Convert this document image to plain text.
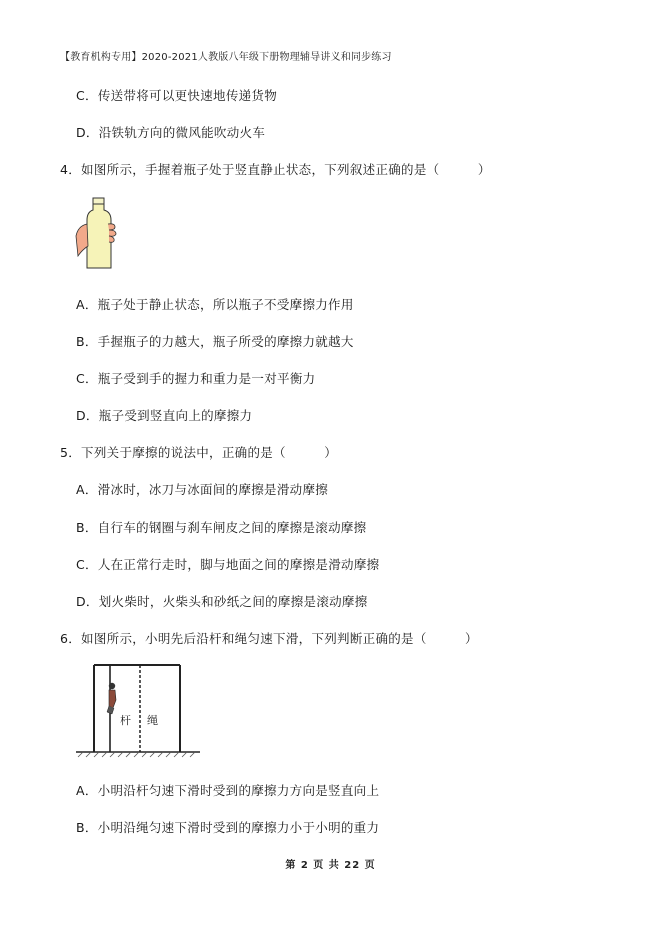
【教育机构专用】2020-2021人教版八年级下册物理辅导讲义和同步练习
C．传送带将可以更快速地传递货物
D．沿铁轨方向的微风能吹动火车
4．如图所示，手握着瓶子处于竖直静止状态，下列叙述正确的是（　　　）
A．瓶子处于静止状态，所以瓶子不受摩擦力作用
B．手握瓶子的力越大，瓶子所受的摩擦力就越大
C．瓶子受到手的握力和重力是一对平衡力
D．瓶子受到竖直向上的摩擦力
5．下列关于摩擦的说法中，正确的是（　　　）
A．滑冰时，冰刀与冰面间的摩擦是滑动摩擦
B．自行车的钢圈与刹车闸皮之间的摩擦是滚动摩擦
C．人在正常行走时，脚与地面之间的摩擦是滑动摩擦
D．划火柴时，火柴头和砂纸之间的摩擦是滚动摩擦
6．如图所示，小明先后沿杆和绳匀速下滑，下列判断正确的是（　　　）
杆 绳
A．小明沿杆匀速下滑时受到的摩擦力方向是竖直向上
B．小明沿绳匀速下滑时受到的摩擦力小于小明的重力
第 2 页 共 22 页
